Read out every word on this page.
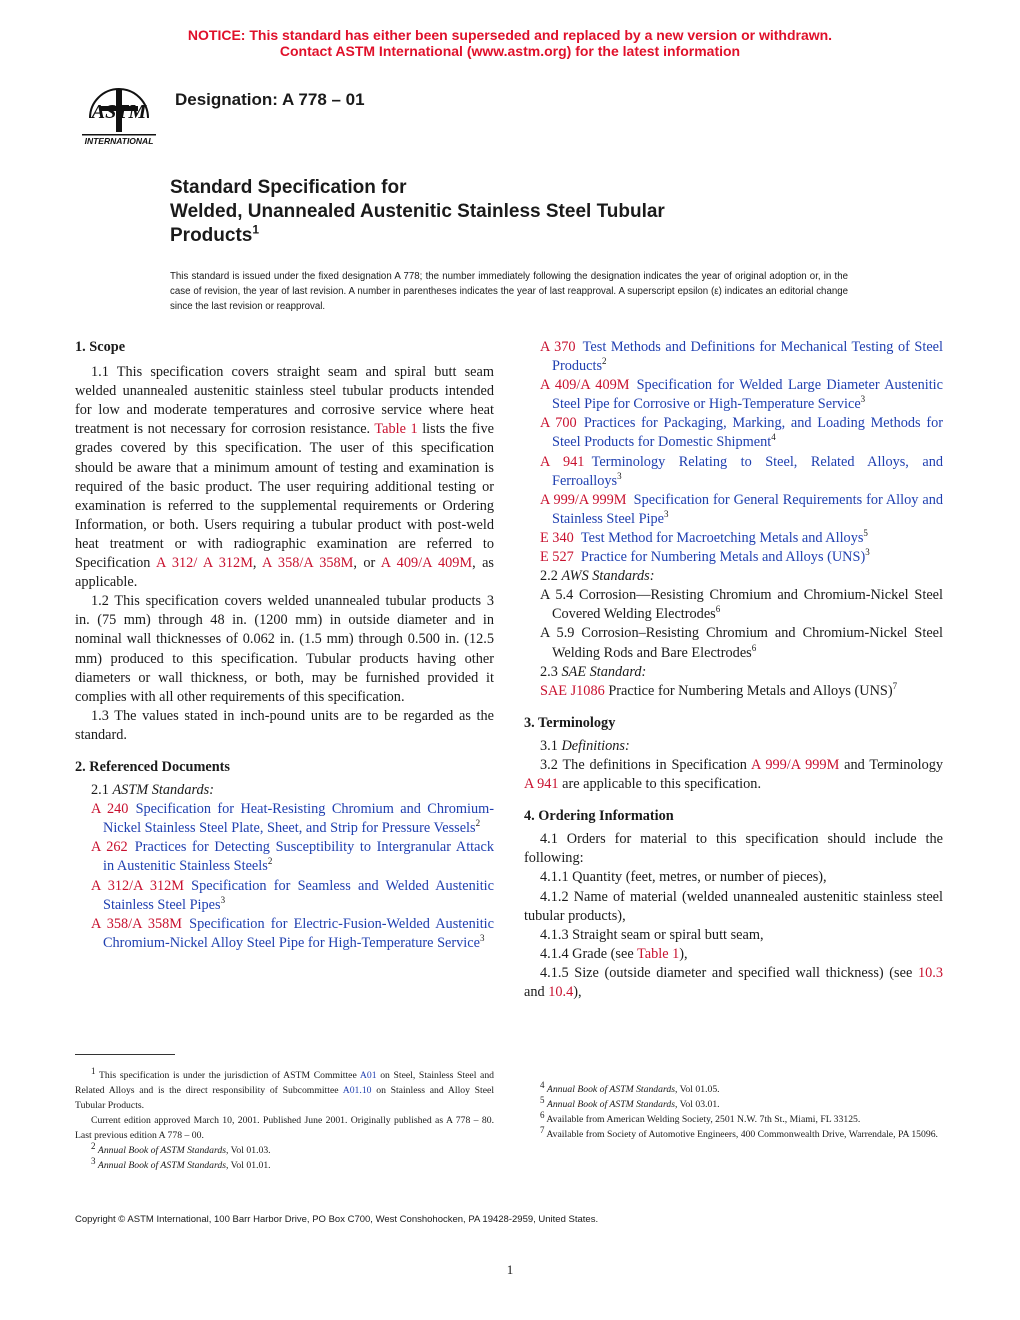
NOTICE: This standard has either been superseded and replaced by a new version or withdrawn.
Contact ASTM International (www.astm.org) for the latest information
ASTM
INTERNATIONAL
Designation: A 778 – 01
Standard Specification for
Welded, Unannealed Austenitic Stainless Steel Tubular
Products$^1$
This standard is issued under the fixed designation A 778; the number immediately following the designation indicates the year of original adoption or, in the case of revision, the year of last revision. A number in parentheses indicates the year of last reapproval. A superscript epsilon (ε) indicates an editorial change since the last revision or reapproval.

1. Scope

1.1 This specification covers straight seam and spiral butt seam welded unannealed austenitic stainless steel tubular products intended for low and moderate temperatures and corrosive service where heat treatment is not necessary for corrosion resistance. Table 1 lists the five grades covered by this specification. The user of this specification should be aware that a minimum amount of testing and examination is required of the basic product. The user requiring additional testing or examination is referred to the supplemental requirements or Ordering Information, or both. Users requiring a tubular product with post-weld heat treatment or with radiographic examination are referred to Specification A 312/ A 312M, A 358/A 358M, or A 409/A 409M, as applicable.

1.2 This specification covers welded unannealed tubular products 3 in. (75 mm) through 48 in. (1200 mm) in outside diameter and in nominal wall thicknesses of 0.062 in. (1.5 mm) through 0.500 in. (12.5 mm) produced to this specification. Tubular products having other diameters or wall thickness, or both, may be furnished provided it complies with all other requirements of this specification.

1.3 The values stated in inch-pound units are to be regarded as the standard.

2. Referenced Documents

2.1 ASTM Standards:

A 240  Specification for Heat-Resisting Chromium and Chromium-Nickel Stainless Steel Plate, Sheet, and Strip for Pressure Vessels$^2$

A 262  Practices for Detecting Susceptibility to Intergranular Attack in Austenitic Stainless Steels$^2$

A 312/A 312M  Specification for Seamless and Welded Austenitic Stainless Steel Pipes$^3$

A 358/A 358M  Specification for Electric-Fusion-Welded Austenitic Chromium-Nickel Alloy Steel Pipe for High-Temperature Service$^3$

A 370  Test Methods and Definitions for Mechanical Testing of Steel Products$^2$

A 409/A 409M  Specification for Welded Large Diameter Austenitic Steel Pipe for Corrosive or High-Temperature Service$^3$

A 700  Practices for Packaging, Marking, and Loading Methods for Steel Products for Domestic Shipment$^4$

A 941  Terminology Relating to Steel, Related Alloys, and Ferroalloys$^3$

A 999/A 999M  Specification for General Requirements for Alloy and Stainless Steel Pipe$^3$

E 340  Test Method for Macroetching Metals and Alloys$^5$

E 527  Practice for Numbering Metals and Alloys (UNS)$^3$

2.2 AWS Standards:

A 5.4 Corrosion—Resisting Chromium and Chromium-Nickel Steel Covered Welding Electrodes$^6$

A 5.9 Corrosion–Resisting Chromium and Chromium-Nickel Steel Welding Rods and Bare Electrodes$^6$

2.3 SAE Standard:

SAE J1086 Practice for Numbering Metals and Alloys (UNS)$^7$

3. Terminology

3.1 Definitions:

3.2 The definitions in Specification A 999/A 999M and Terminology A 941 are applicable to this specification.

4. Ordering Information

4.1 Orders for material to this specification should include the following:

4.1.1 Quantity (feet, metres, or number of pieces),

4.1.2 Name of material (welded unannealed austenitic stainless steel tubular products),

4.1.3 Straight seam or spiral butt seam,

4.1.4 Grade (see Table 1),

4.1.5 Size (outside diameter and specified wall thickness) (see 10.3 and 10.4),

$^1$ This specification is under the jurisdiction of ASTM Committee A01 on Steel, Stainless Steel and Related Alloys and is the direct responsibility of Subcommittee A01.10 on Stainless and Alloy Steel Tubular Products.

Current edition approved March 10, 2001. Published June 2001. Originally published as A 778 – 80. Last previous edition A 778 – 00.

$^2$ Annual Book of ASTM Standards, Vol 01.03.

$^3$ Annual Book of ASTM Standards, Vol 01.01.

$^4$ Annual Book of ASTM Standards, Vol 01.05.

$^5$ Annual Book of ASTM Standards, Vol 03.01.

$^6$ Available from American Welding Society, 2501 N.W. 7th St., Miami, FL 33125.

$^7$ Available from Society of Automotive Engineers, 400 Commonwealth Drive, Warrendale, PA 15096.

Copyright © ASTM International, 100 Barr Harbor Drive, PO Box C700, West Conshohocken, PA 19428-2959, United States.
1
